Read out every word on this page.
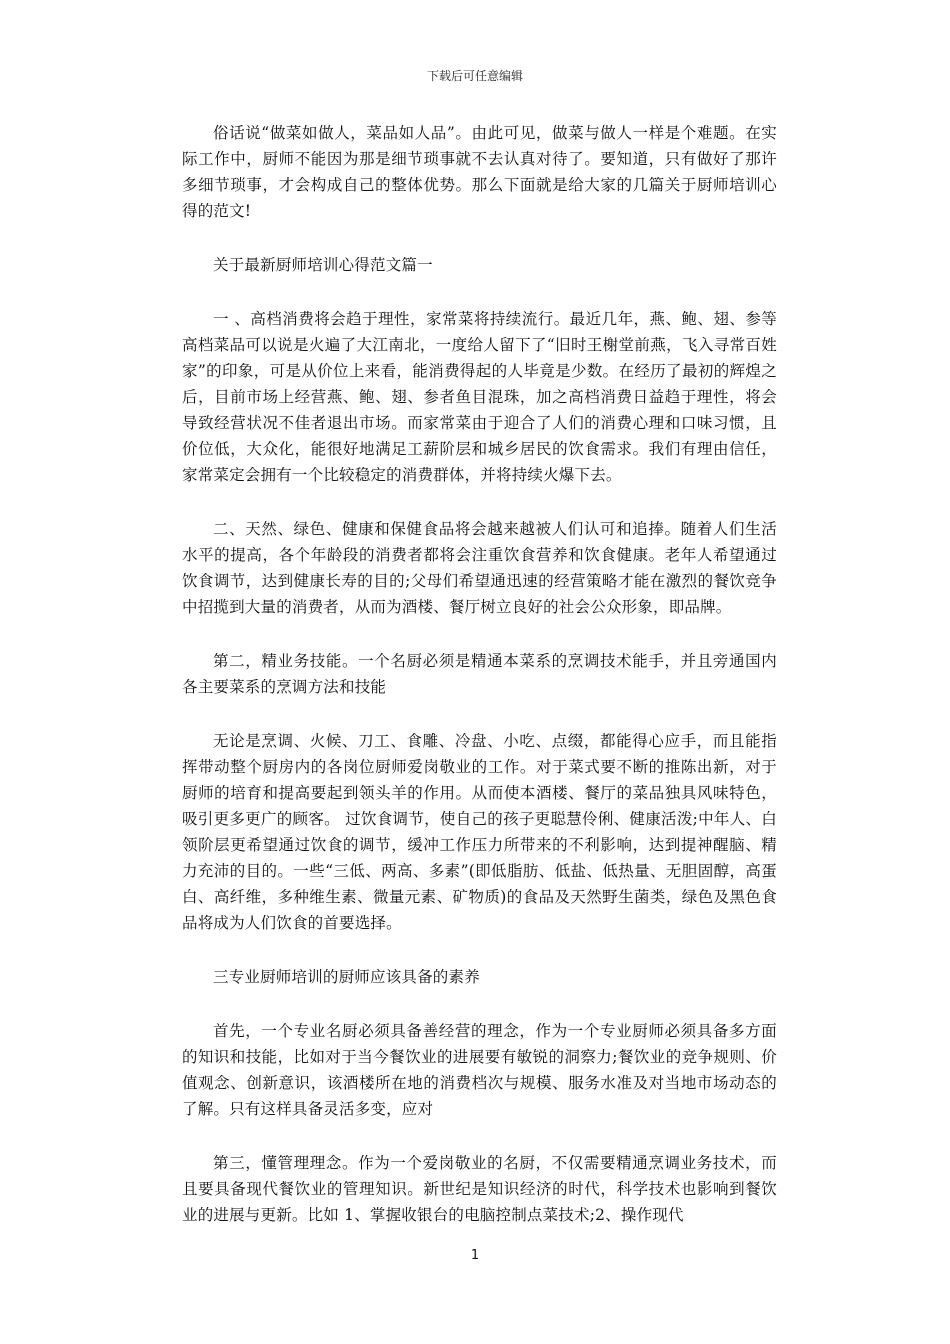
下载后可任意编辑

俗话说“做菜如做人，菜品如人品”。由此可见，做菜与做人一样是个难题。在实际工作中，厨师不能因为那是细节琐事就不去认真对待了。要知道，只有做好了那许多细节琐事，才会构成自己的整体优势。那么下面就是给大家的几篇关于厨师培训心得的范文!

关于最新厨师培训心得范文篇一

一 、高档消费将会趋于理性，家常菜将持续流行。最近几年，燕、鲍、翅、参等高档菜品可以说是火遍了大江南北，一度给人留下了“旧时王榭堂前燕，飞入寻常百姓家”的印象，可是从价位上来看，能消费得起的人毕竟是少数。在经历了最初的辉煌之后，目前市场上经营燕、鲍、翅、参者鱼目混珠，加之高档消费日益趋于理性，将会导致经营状况不佳者退出市场。而家常菜由于迎合了人们的消费心理和口味习惯，且价位低，大众化，能很好地满足工薪阶层和城乡居民的饮食需求。我们有理由信任，家常菜定会拥有一个比较稳定的消费群体，并将持续火爆下去。

二、天然、绿色、健康和保健食品将会越来越被人们认可和追捧。随着人们生活水平的提高，各个年龄段的消费者都将会注重饮食营养和饮食健康。老年人希望通过饮食调节，达到健康长寿的目的;父母们希望通迅速的经营策略才能在激烈的餐饮竞争中招揽到大量的消费者，从而为酒楼、餐厅树立良好的社会公众形象，即品牌。

第二，精业务技能。一个名厨必须是精通本菜系的烹调技术能手，并且旁通国内各主要菜系的烹调方法和技能

无论是烹调、火候、刀工、食雕、冷盘、小吃、点缀，都能得心应手，而且能指挥带动整个厨房内的各岗位厨师爱岗敬业的工作。对于菜式要不断的推陈出新，对于厨师的培育和提高要起到领头羊的作用。从而使本酒楼、餐厅的菜品独具风味特色，吸引更多更广的顾客。 过饮食调节，使自己的孩子更聪慧伶俐、健康活泼;中年人、白领阶层更希望通过饮食的调节，缓冲工作压力所带来的不利影响，达到提神醒脑、精力充沛的目的。一些“三低、两高、多素”(即低脂肪、低盐、低热量、无胆固醇，高蛋白、高纤维，多种维生素、微量元素、矿物质)的食品及天然野生菌类，绿色及黑色食品将成为人们饮食的首要选择。

三专业厨师培训的厨师应该具备的素养

首先，一个专业名厨必须具备善经营的理念，作为一个专业厨师必须具备多方面的知识和技能，比如对于当今餐饮业的进展要有敏锐的洞察力;餐饮业的竞争规则、价值观念、创新意识，该酒楼所在地的消费档次与规模、服务水准及对当地市场动态的了解。只有这样具备灵活多变，应对

第三，懂管理理念。作为一个爱岗敬业的名厨，不仅需要精通烹调业务技术，而且要具备现代餐饮业的管理知识。新世纪是知识经济的时代，科学技术也影响到餐饮业的进展与更新。比如 1、掌握收银台的电脑控制点菜技术;2、操作现代

1
